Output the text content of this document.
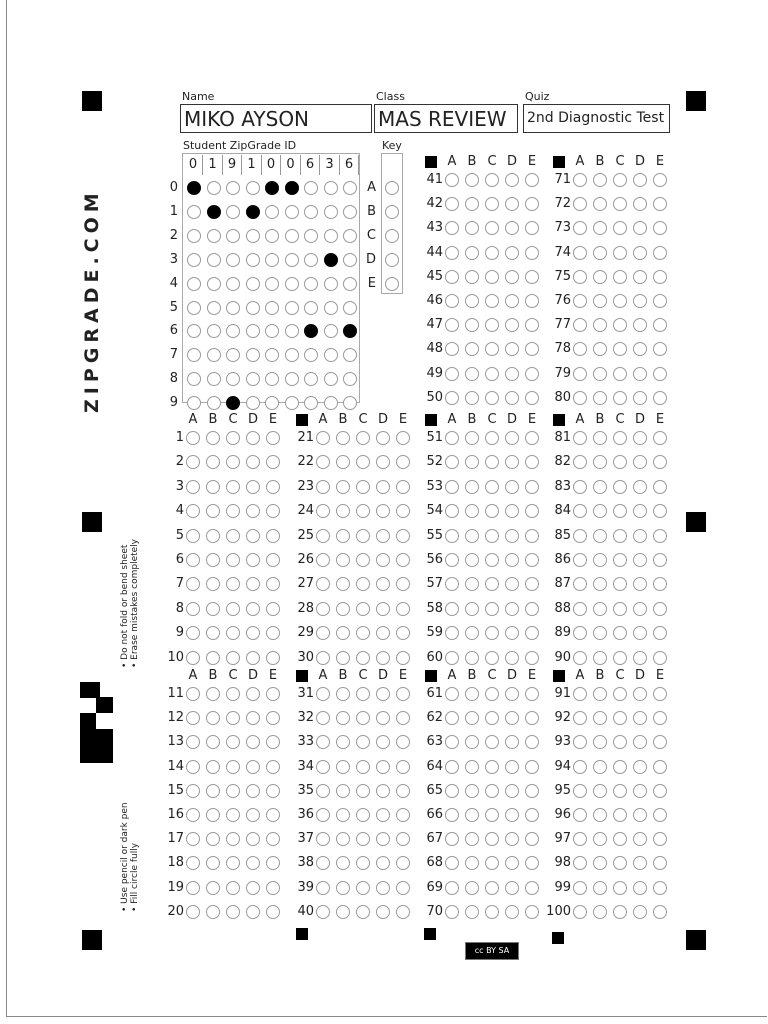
ZIPGRADE.COM
• Do not fold or bend sheet • Erase mistakes completely
• Use pencil or dark pen • Fill circle fully
Name
MIKO AYSON
Class
MAS REVIEW
Quiz
2nd Diagnostic Test
Student ZipGrade ID
0 1 9 1 0 0 6 3 6
0
1
2
3
4
5
6
7
8
9
Key
A
B
C
D
E
A B C D E	A B C D E
41	71
42	72
43	73
44	74
45	75
46	76
47	77
48	78
49	79
50	80
A B C D E	A B C D E	A B C D E	A B C D E
1	21	51	81
2	22	52	82
3	23	53	83
4	24	54	84
5	25	55	85
6	26	56	86
7	27	57	87
8	28	58	88
9	29	59	89
10	30	60	90
A B C D E	A B C D E	A B C D E	A B C D E
11	31	61	91
12	32	62	92
13	33	63	93
14	34	64	94
15	35	65	95
16	36	66	96
17	37	67	97
18	38	68	98
19	39	69	99
20	40	70	100
cc BY SA
